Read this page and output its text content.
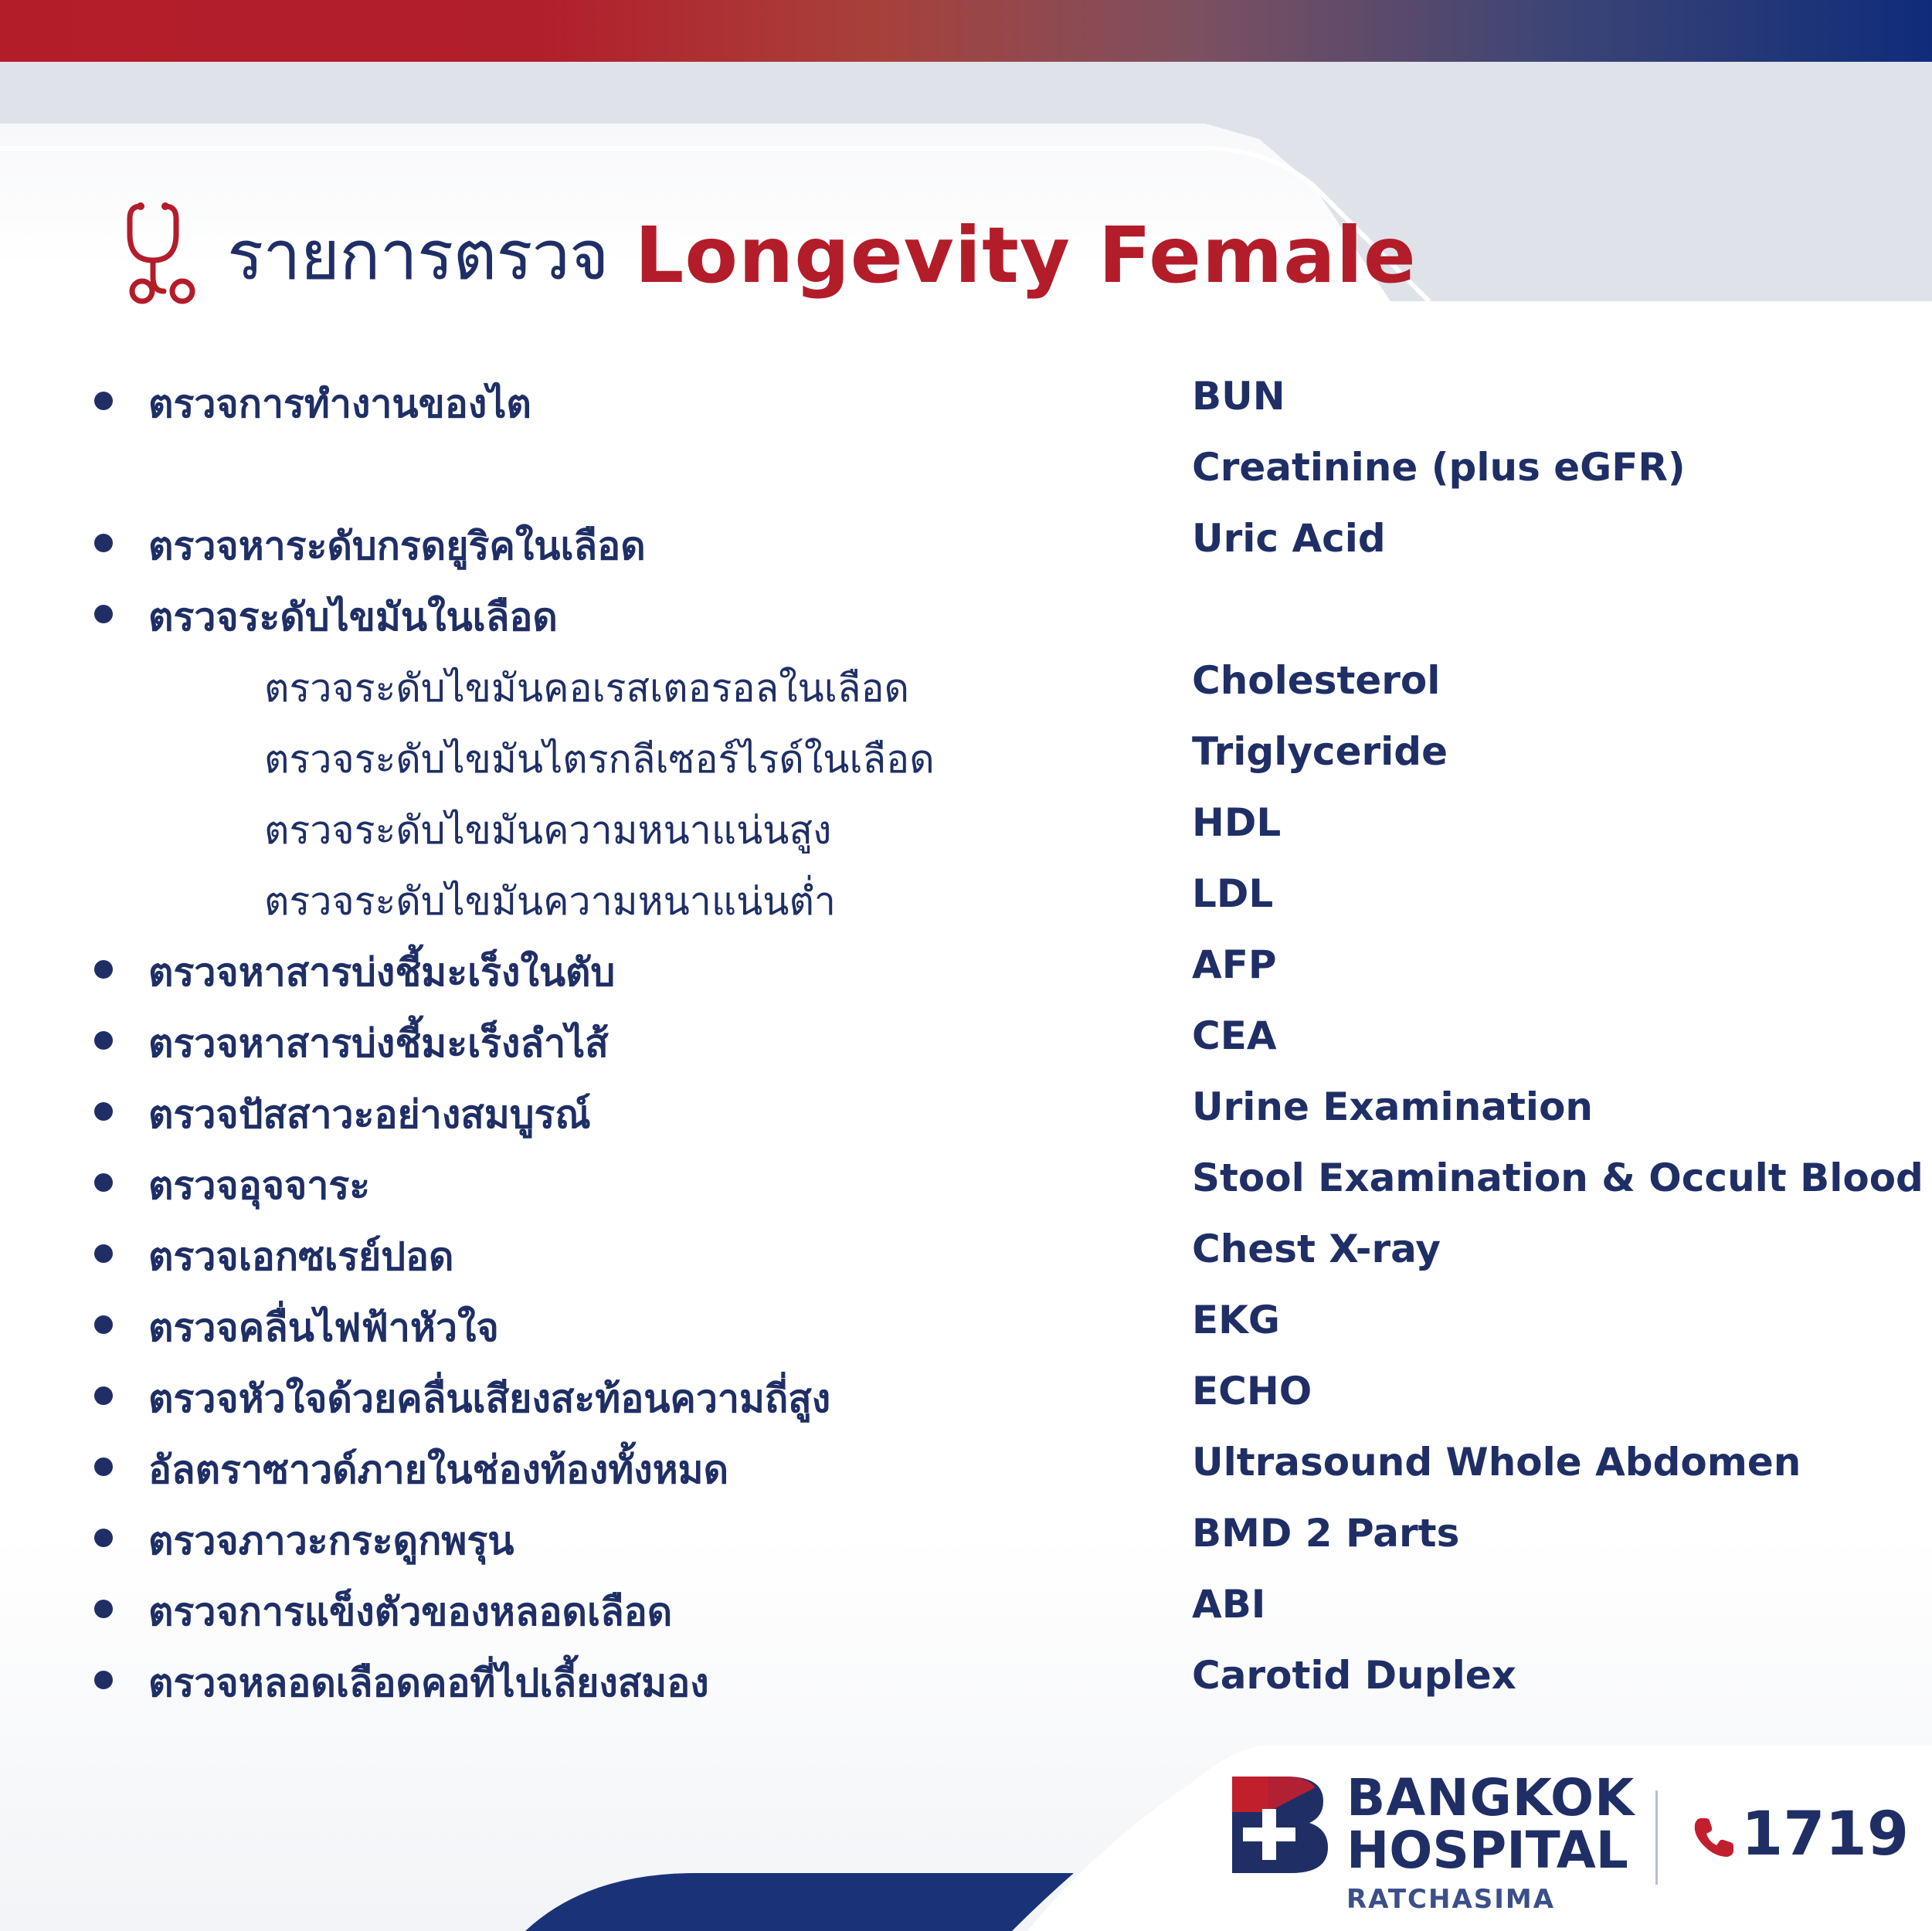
รายการตรวจ Longevity Female
ตรวจการทำงานของไต	BUN
Creatinine (plus eGFR)
ตรวจหาระดับกรดยูริคในเลือด	Uric Acid
ตรวจระดับไขมันในเลือด
ตรวจระดับไขมันคอเรสเตอรอลในเลือด	Cholesterol
ตรวจระดับไขมันไตรกลีเซอร์ไรด์ในเลือด	Triglyceride
ตรวจระดับไขมันความหนาแน่นสูง	HDL
ตรวจระดับไขมันความหนาแน่นต่ำ	LDL
ตรวจหาสารบ่งชี้มะเร็งในตับ	AFP
ตรวจหาสารบ่งชี้มะเร็งลำไส้	CEA
ตรวจปัสสาวะอย่างสมบูรณ์	Urine Examination
ตรวจอุจจาระ	Stool Examination & Occult Blood
ตรวจเอกซเรย์ปอด	Chest X-ray
ตรวจคลื่นไฟฟ้าหัวใจ	EKG
ตรวจหัวใจด้วยคลื่นเสียงสะท้อนความถี่สูง	ECHO
อัลตราซาวด์ภายในช่องท้องทั้งหมด	Ultrasound Whole Abdomen
ตรวจภาวะกระดูกพรุน	BMD 2 Parts
ตรวจการแข็งตัวของหลอดเลือด	ABI
ตรวจหลอดเลือดคอที่ไปเลี้ยงสมอง	Carotid Duplex
BANGKOK
HOSPITAL
RATCHASIMA
1719
